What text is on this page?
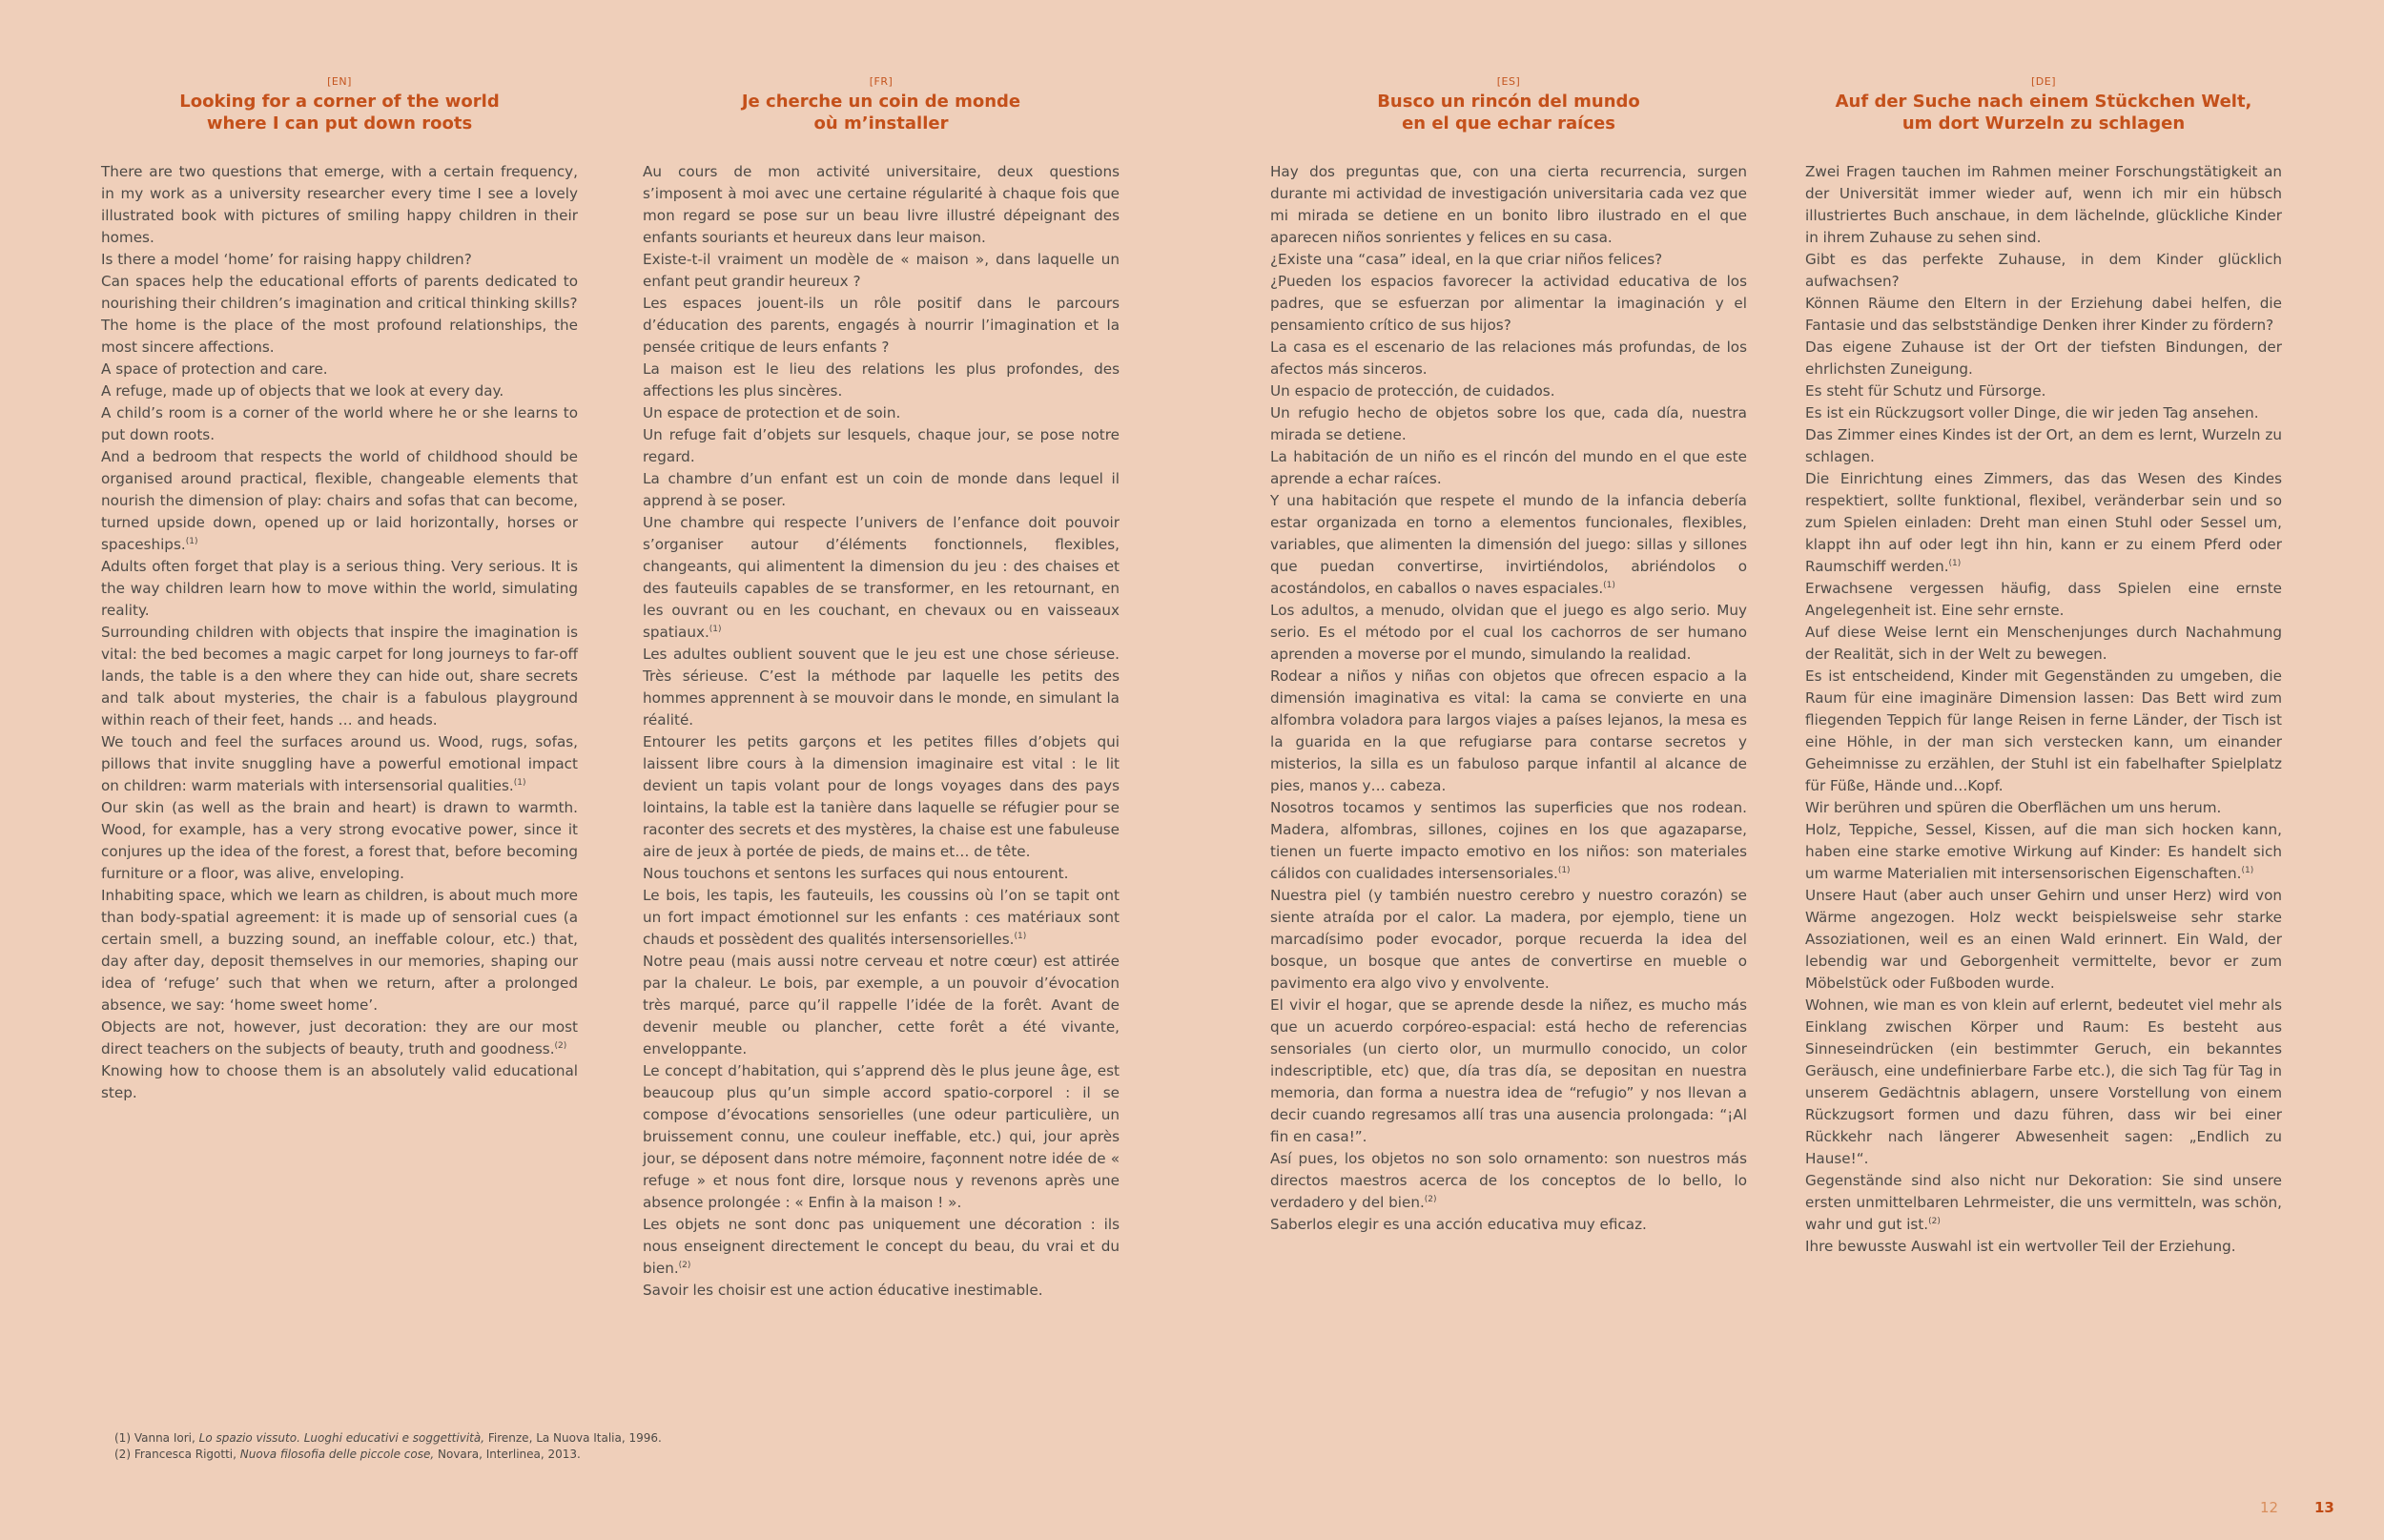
[EN]
Looking for a corner of the world
where I can put down roots

There are two questions that emerge, with a certain frequency, in my work as a university researcher every time I see a lovely illustrated book with pictures of smiling happy children in their homes.

Is there a model ‘home’ for raising happy children?

Can spaces help the educational efforts of parents dedicated to nourishing their children’s imagination and critical thinking skills?

The home is the place of the most profound relationships, the most sincere affections.

A space of protection and care.

A refuge, made up of objects that we look at every day.

A child’s room is a corner of the world where he or she learns to put down roots.

And a bedroom that respects the world of childhood should be organised around practical, flexible, changeable elements that nourish the dimension of play: chairs and sofas that can become, turned upside down, opened up or laid horizontally, horses or spaceships.$^{(1)}$

Adults often forget that play is a serious thing. Very serious. It is the way children learn how to move within the world, simulating reality.

Surrounding children with objects that inspire the imagination is vital: the bed becomes a magic carpet for long journeys to far-off lands, the table is a den where they can hide out, share secrets and talk about mysteries, the chair is a fabulous playground within reach of their feet, hands … and heads.

We touch and feel the surfaces around us. Wood, rugs, sofas, pillows that invite snuggling have a powerful emotional impact on children: warm materials with intersensorial qualities.$^{(1)}$

Our skin (as well as the brain and heart) is drawn to warmth. Wood, for example, has a very strong evocative power, since it conjures up the idea of the forest, a forest that, before becoming furniture or a floor, was alive, enveloping.

Inhabiting space, which we learn as children, is about much more than body-spatial agreement: it is made up of sensorial cues (a certain smell, a buzzing sound, an ineffable colour, etc.) that, day after day, deposit themselves in our memories, shaping our idea of ‘refuge’ such that when we return, after a prolonged absence, we say: ‘home sweet home’.

Objects are not, however, just decoration: they are our most direct teachers on the subjects of beauty, truth and goodness.$^{(2)}$

Knowing how to choose them is an absolutely valid educational step.

[FR]
Je cherche un coin de monde
où m’installer

Au cours de mon activité universitaire, deux questions s’imposent à moi avec une certaine régularité à chaque fois que mon regard se pose sur un beau livre illustré dépeignant des enfants souriants et heureux dans leur maison.

Existe-t-il vraiment un modèle de « maison », dans laquelle un enfant peut grandir heureux ?

Les espaces jouent-ils un rôle positif dans le parcours d’éducation des parents, engagés à nourrir l’imagination et la pensée critique de leurs enfants ?

La maison est le lieu des relations les plus profondes, des affections les plus sincères.

Un espace de protection et de soin.

Un refuge fait d’objets sur lesquels, chaque jour, se pose notre regard.

La chambre d’un enfant est un coin de monde dans lequel il apprend à se poser.

Une chambre qui respecte l’univers de l’enfance doit pouvoir s’organiser autour d’éléments fonctionnels, flexibles, changeants, qui alimentent la dimension du jeu : des chaises et des fauteuils capables de se transformer, en les retournant, en les ouvrant ou en les couchant, en chevaux ou en vaisseaux spatiaux.$^{(1)}$

Les adultes oublient souvent que le jeu est une chose sérieuse. Très sérieuse. C’est la méthode par laquelle les petits des hommes apprennent à se mouvoir dans le monde, en simulant la réalité.

Entourer les petits garçons et les petites filles d’objets qui laissent libre cours à la dimension imaginaire est vital : le lit devient un tapis volant pour de longs voyages dans des pays lointains, la table est la tanière dans laquelle se réfugier pour se raconter des secrets et des mystères, la chaise est une fabuleuse aire de jeux à portée de pieds, de mains et… de tête.

Nous touchons et sentons les surfaces qui nous entourent.

Le bois, les tapis, les fauteuils, les coussins où l’on se tapit ont un fort impact émotionnel sur les enfants : ces matériaux sont chauds et possèdent des qualités intersensorielles.$^{(1)}$

Notre peau (mais aussi notre cerveau et notre cœur) est attirée par la chaleur. Le bois, par exemple, a un pouvoir d’évocation très marqué, parce qu’il rappelle l’idée de la forêt. Avant de devenir meuble ou plancher, cette forêt a été vivante, enveloppante.

Le concept d’habitation, qui s’apprend dès le plus jeune âge, est beaucoup plus qu’un simple accord spatio-corporel : il se compose d’évocations sensorielles (une odeur particulière, un bruissement connu, une couleur ineffable, etc.) qui, jour après jour, se déposent dans notre mémoire, façonnent notre idée de « refuge » et nous font dire, lorsque nous y revenons après une absence prolongée : « Enfin à la maison ! ».

Les objets ne sont donc pas uniquement une décoration : ils nous enseignent directement le concept du beau, du vrai et du bien.$^{(2)}$

Savoir les choisir est une action éducative inestimable.

[ES]
Busco un rincón del mundo
en el que echar raíces

Hay dos preguntas que, con una cierta recurrencia, surgen durante mi actividad de investigación universitaria cada vez que mi mirada se detiene en un bonito libro ilustrado en el que aparecen niños sonrientes y felices en su casa.

¿Existe una “casa” ideal, en la que criar niños felices?

¿Pueden los espacios favorecer la actividad educativa de los padres, que se esfuerzan por alimentar la imaginación y el pensamiento crítico de sus hijos?

La casa es el escenario de las relaciones más profundas, de los afectos más sinceros.

Un espacio de protección, de cuidados.

Un refugio hecho de objetos sobre los que, cada día, nuestra mirada se detiene.

La habitación de un niño es el rincón del mundo en el que este aprende a echar raíces.

Y una habitación que respete el mundo de la infancia debería estar organizada en torno a elementos funcionales, flexibles, variables, que alimenten la dimensión del juego: sillas y sillones que puedan convertirse, invirtiéndolos, abriéndolos o acostándolos, en caballos o naves espaciales.$^{(1)}$

Los adultos, a menudo, olvidan que el juego es algo serio. Muy serio. Es el método por el cual los cachorros de ser humano aprenden a moverse por el mundo, simulando la realidad.

Rodear a niños y niñas con objetos que ofrecen espacio a la dimensión imaginativa es vital: la cama se convierte en una alfombra voladora para largos viajes a países lejanos, la mesa es la guarida en la que refugiarse para contarse secretos y misterios, la silla es un fabuloso parque infantil al alcance de pies, manos y… cabeza.

Nosotros tocamos y sentimos las superficies que nos rodean. Madera, alfombras, sillones, cojines en los que agazaparse, tienen un fuerte impacto emotivo en los niños: son materiales cálidos con cualidades intersensoriales.$^{(1)}$

Nuestra piel (y también nuestro cerebro y nuestro corazón) se siente atraída por el calor. La madera, por ejemplo, tiene un marcadísimo poder evocador, porque recuerda la idea del bosque, un bosque que antes de convertirse en mueble o pavimento era algo vivo y envolvente.

El vivir el hogar, que se aprende desde la niñez, es mucho más que un acuerdo corpóreo-espacial: está hecho de referencias sensoriales (un cierto olor, un murmullo conocido, un color indescriptible, etc) que, día tras día, se depositan en nuestra memoria, dan forma a nuestra idea de “refugio” y nos llevan a decir cuando regresamos allí tras una ausencia prolongada: “¡Al fin en casa!”.

Así pues, los objetos no son solo ornamento: son nuestros más directos maestros acerca de los conceptos de lo bello, lo verdadero y del bien.$^{(2)}$

Saberlos elegir es una acción educativa muy eficaz.

[DE]
Auf der Suche nach einem Stückchen Welt,
um dort Wurzeln zu schlagen

Zwei Fragen tauchen im Rahmen meiner Forschungstätigkeit an der Universität immer wieder auf, wenn ich mir ein hübsch illustriertes Buch anschaue, in dem lächelnde, glückliche Kinder in ihrem Zuhause zu sehen sind.

Gibt es das perfekte Zuhause, in dem Kinder glücklich aufwachsen?

Können Räume den Eltern in der Erziehung dabei helfen, die Fantasie und das selbstständige Denken ihrer Kinder zu fördern?

Das eigene Zuhause ist der Ort der tiefsten Bindungen, der ehrlichsten Zuneigung.

Es steht für Schutz und Fürsorge.

Es ist ein Rückzugsort voller Dinge, die wir jeden Tag ansehen.

Das Zimmer eines Kindes ist der Ort, an dem es lernt, Wurzeln zu schlagen.

Die Einrichtung eines Zimmers, das das Wesen des Kindes respektiert, sollte funktional, flexibel, veränderbar sein und so zum Spielen einladen: Dreht man einen Stuhl oder Sessel um, klappt ihn auf oder legt ihn hin, kann er zu einem Pferd oder Raumschiff werden.$^{(1)}$

Erwachsene vergessen häufig, dass Spielen eine ernste Angelegenheit ist. Eine sehr ernste.

Auf diese Weise lernt ein Menschenjunges durch Nachahmung der Realität, sich in der Welt zu bewegen.

Es ist entscheidend, Kinder mit Gegenständen zu umgeben, die Raum für eine imaginäre Dimension lassen: Das Bett wird zum fliegenden Teppich für lange Reisen in ferne Länder, der Tisch ist eine Höhle, in der man sich verstecken kann, um einander Geheimnisse zu erzählen, der Stuhl ist ein fabelhafter Spielplatz für Füße, Hände und…Kopf.

Wir berühren und spüren die Oberflächen um uns herum.

Holz, Teppiche, Sessel, Kissen, auf die man sich hocken kann, haben eine starke emotive Wirkung auf Kinder: Es handelt sich um warme Materialien mit intersensorischen Eigenschaften.$^{(1)}$

Unsere Haut (aber auch unser Gehirn und unser Herz) wird von Wärme angezogen. Holz weckt beispielsweise sehr starke Assoziationen, weil es an einen Wald erinnert. Ein Wald, der lebendig war und Geborgenheit vermittelte, bevor er zum Möbelstück oder Fußboden wurde.

Wohnen, wie man es von klein auf erlernt, bedeutet viel mehr als Einklang zwischen Körper und Raum: Es besteht aus Sinneseindrücken (ein bestimmter Geruch, ein bekanntes Geräusch, eine undefinierbare Farbe etc.), die sich Tag für Tag in unserem Gedächtnis ablagern, unsere Vorstellung von einem Rückzugsort formen und dazu führen, dass wir bei einer Rückkehr nach längerer Abwesenheit sagen: „Endlich zu Hause!“.

Gegenstände sind also nicht nur Dekoration: Sie sind unsere ersten unmittelbaren Lehrmeister, die uns vermitteln, was schön, wahr und gut ist.$^{(2)}$

Ihre bewusste Auswahl ist ein wertvoller Teil der Erziehung.

(1) Vanna Iori, Lo spazio vissuto. Luoghi educativi e soggettività, Firenze, La Nuova Italia, 1996.
(2) Francesca Rigotti, Nuova filosofia delle piccole cose, Novara, Interlinea, 2013.
12	13
